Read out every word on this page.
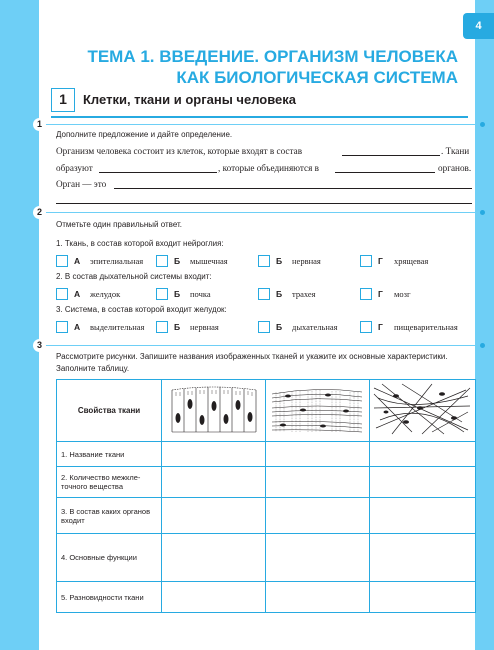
4
ТЕМА 1. ВВЕДЕНИЕ. ОРГАНИЗМ ЧЕЛОВЕКА
КАК БИОЛОГИЧЕСКАЯ СИСТЕМА
1	Клетки, ткани и органы человека
1
Дополните предложение и дайте определение.
Организм человека состоит из клеток, которые входят в состав	. Ткани
образуют	, которые объединяются в	органов.
Орган — это
2
Отметьте один правильный ответ.
1. Ткань, в состав которой входит нейроглия:
А эпителиальная	Б мышечная	Б нервная	Г хрящевая
2. В состав дыхательной системы входит:
А желудок	Б почка	Б трахея	Г мозг
3. Система, в состав которой входит желудок:
А выделительная	Б нервная	Б дыхательная	Г пищеварительная
3
Рассмотрите рисунки. Запишите названия изображенных тканей и укажите их основные характеристики.
Заполните таблицу.
Свойства ткани			
1. Название ткани			
2. Количество межкле-
точного вещества			
3. В состав каких органов
входит			
4. Основные функции			
5. Разновидности ткани			
